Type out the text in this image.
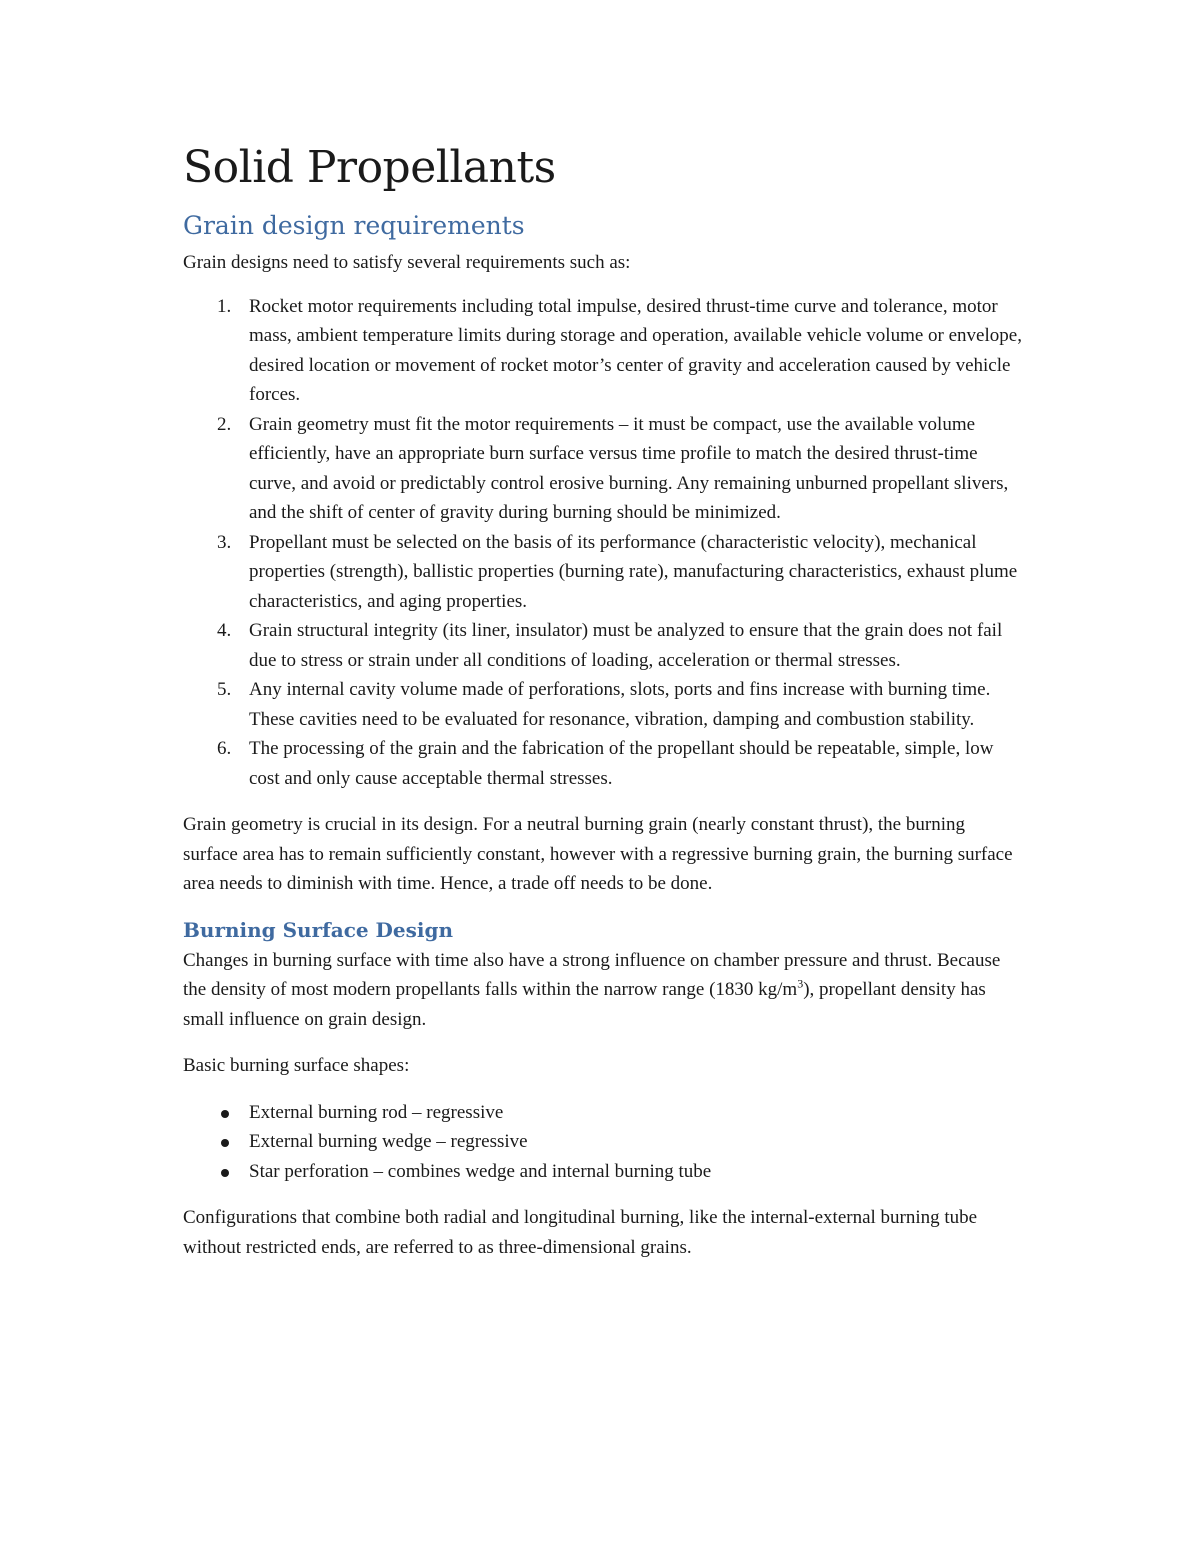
Solid Propellants
Grain design requirements

Grain designs need to satisfy several requirements such as:

1. Rocket motor requirements including total impulse, desired thrust-time curve and tolerance, motor mass, ambient temperature limits during storage and operation, available vehicle volume or envelope, desired location or movement of rocket motor’s center of gravity and acceleration caused by vehicle forces.
2. Grain geometry must fit the motor requirements – it must be compact, use the available volume efficiently, have an appropriate burn surface versus time profile to match the desired thrust-time curve, and avoid or predictably control erosive burning. Any remaining unburned propellant slivers, and the shift of center of gravity during burning should be minimized.
3. Propellant must be selected on the basis of its performance (characteristic velocity), mechanical properties (strength), ballistic properties (burning rate), manufacturing characteristics, exhaust plume characteristics, and aging properties.
4. Grain structural integrity (its liner, insulator) must be analyzed to ensure that the grain does not fail due to stress or strain under all conditions of loading, acceleration or thermal stresses.
5. Any internal cavity volume made of perforations, slots, ports and fins increase with burning time. These cavities need to be evaluated for resonance, vibration, damping and combustion stability.
6. The processing of the grain and the fabrication of the propellant should be repeatable, simple, low cost and only cause acceptable thermal stresses.

Grain geometry is crucial in its design. For a neutral burning grain (nearly constant thrust), the burning surface area has to remain sufficiently constant, however with a regressive burning grain, the burning surface area needs to diminish with time. Hence, a trade off needs to be done.

Burning Surface Design

Changes in burning surface with time also have a strong influence on chamber pressure and thrust. Because the density of most modern propellants falls within the narrow range (1830 $kg/m^3$), propellant density has small influence on grain design.

Basic burning surface shapes:

External burning rod – regressive
External burning wedge – regressive
Star perforation – combines wedge and internal burning tube

Configurations that combine both radial and longitudinal burning, like the internal-external burning tube without restricted ends, are referred to as three-dimensional grains.
